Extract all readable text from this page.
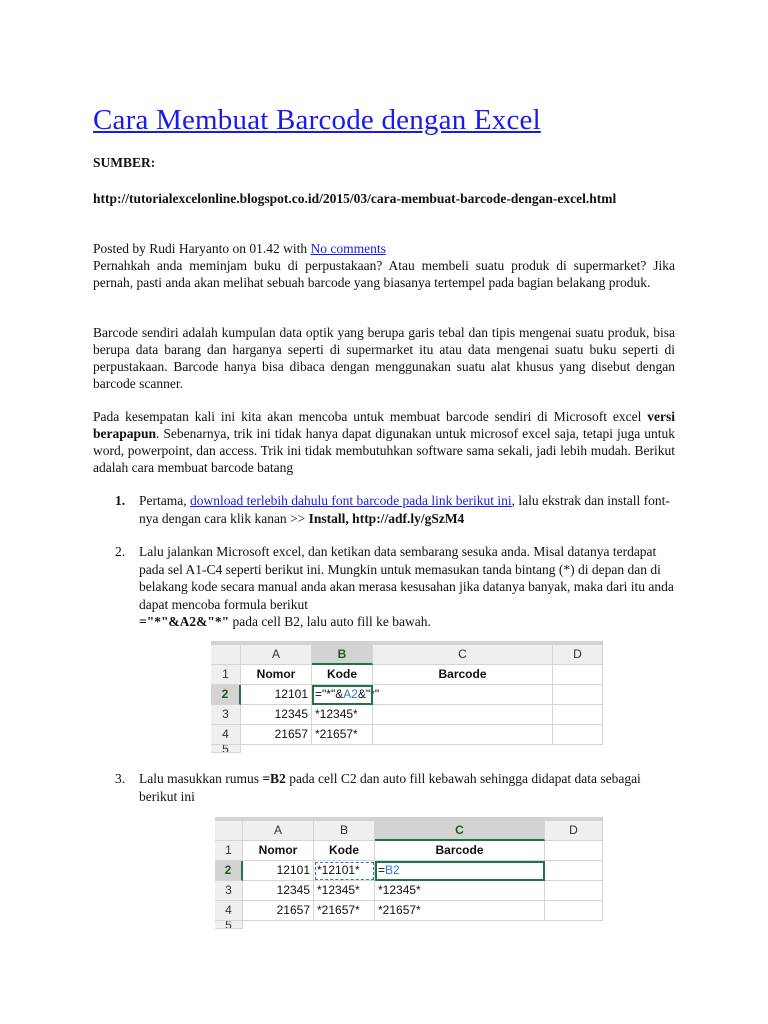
Cara Membuat Barcode dengan Excel
SUMBER:
http://tutorialexcelonline.blogspot.co.id/2015/03/cara-membuat-barcode-dengan-excel.html
Posted by Rudi Haryanto on 01.42 with No comments

Pernahkah anda meminjam buku di perpustakaan? Atau membeli suatu produk di supermarket? Jika pernah, pasti anda akan melihat sebuah barcode yang biasanya tertempel pada bagian belakang produk.

Barcode sendiri adalah kumpulan data optik yang berupa garis tebal dan tipis mengenai suatu produk, bisa berupa data barang dan harganya seperti di supermarket itu atau data mengenai suatu buku seperti di perpustakaan. Barcode hanya bisa dibaca dengan menggunakan suatu alat khusus yang disebut dengan barcode scanner.

Pada kesempatan kali ini kita akan mencoba untuk membuat barcode sendiri di Microsoft excel versi berapapun. Sebenarnya, trik ini tidak hanya dapat digunakan untuk microsof excel saja, tetapi juga untuk word, powerpoint, dan access. Trik ini tidak membutuhkan software sama sekali, jadi lebih mudah. Berikut adalah cara membuat barcode batang

1.	Pertama, download terlebih dahulu font barcode pada link berikut ini, lalu ekstrak dan install font-nya dengan cara klik kanan >> Install, http://adf.ly/gSzM4
2.	Lalu jalankan Microsoft excel, dan ketikan data sembarang sesuka anda. Misal datanya terdapat pada sel A1-C4 seperti berikut ini. Mungkin untuk memasukan tanda bintang (*) di depan dan di belakang kode secara manual anda akan merasa kesusahan jika datanya banyak, maka dari itu anda dapat mencoba formula berikut
="*"&A2&"*" pada cell B2, lalu auto fill ke bawah.
3.	Lalu masukkan rumus =B2 pada cell C2 dan auto fill kebawah sehingga didapat data sebagai berikut ini
A	B	C	D
1	Nomor	Kode	Barcode
2	12101 ="*"&A2&"*"
3	12345 *12345*
4	21657 *21657*
5
A	B	C	D
1	Nomor	Kode	Barcode
2	12101 *12101*	=B2
3	12345 *12345*	*12345*
4	21657 *21657*	*21657*
5
